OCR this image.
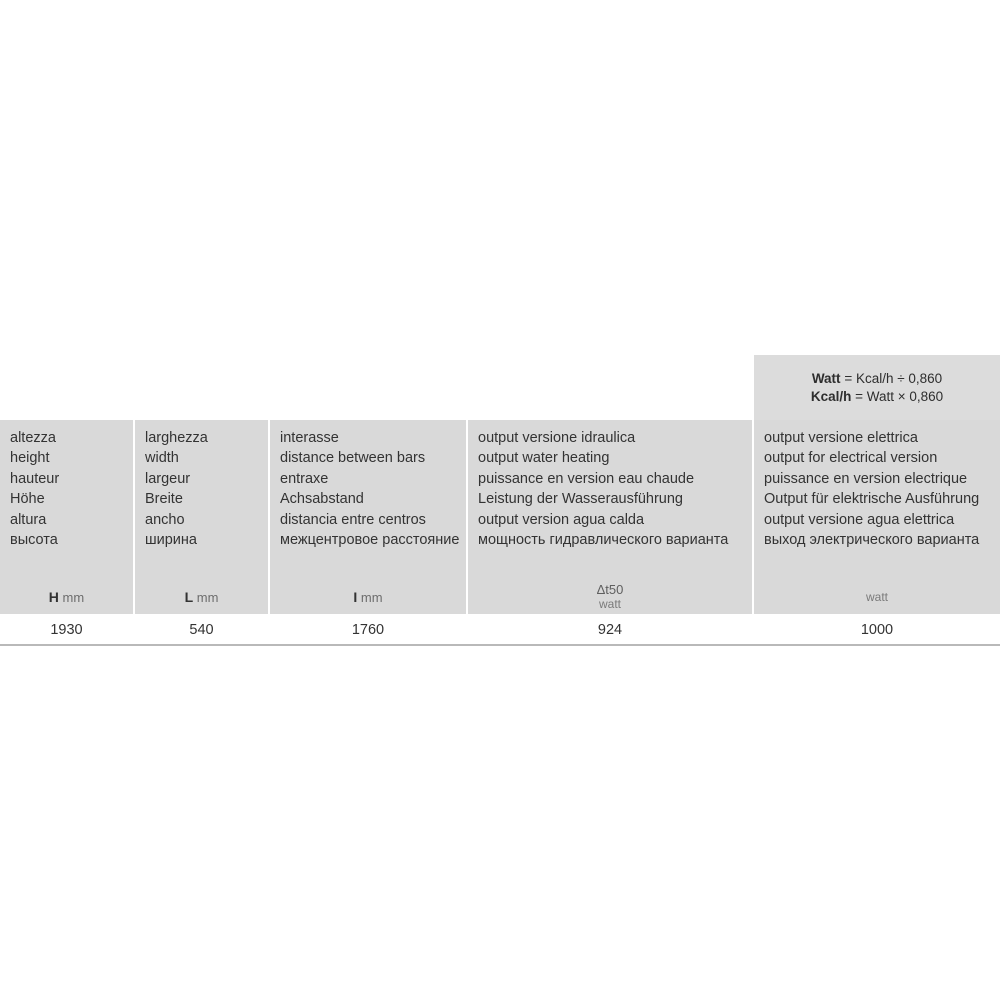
Watt = Kcal/h ÷ 0,860
Kcal/h = Watt × 0,860
altezza
height
hauteur
Höhe
altura
высота
H mm
1930
larghezza
width
largeur
Breite
ancho
ширина
L mm
540
interasse
distance between bars
entraxe
Achsabstand
distancia entre centros
межцентровое расстояние
I mm
1760
output versione idraulica
output water heating
puissance en version eau chaude
Leistung der Wasserausführung
output version agua calda
мощность гидравлического варианта
Δt50
watt
924
output versione elettrica
output for electrical version
puissance en version electrique
Output für elektrische Ausführung
output versione agua elettrica
выход электрического варианта
watt
1000
